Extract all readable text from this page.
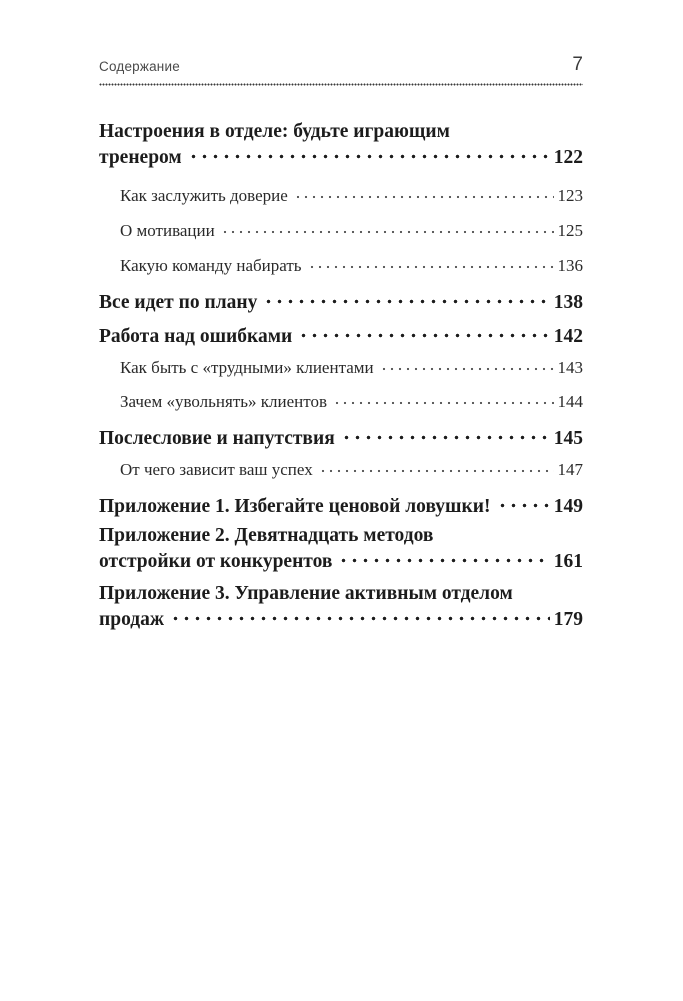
Содержание	7
Настроения в отделе: будьте играющим
тренером	122
Как заслужить доверие	123
О мотивации	125
Какую команду набирать	136
Все идет по плану	138
Работа над ошибками	142
Как быть с «трудными» клиентами	143
Зачем «увольнять» клиентов	144
Послесловие и напутствия	145
От чего зависит ваш успех	147
Приложение 1. Избегайте ценовой ловушки!	149
Приложение 2. Девятнадцать методов
отстройки от конкурентов	161
Приложение 3. Управление активным отделом
продаж	179
